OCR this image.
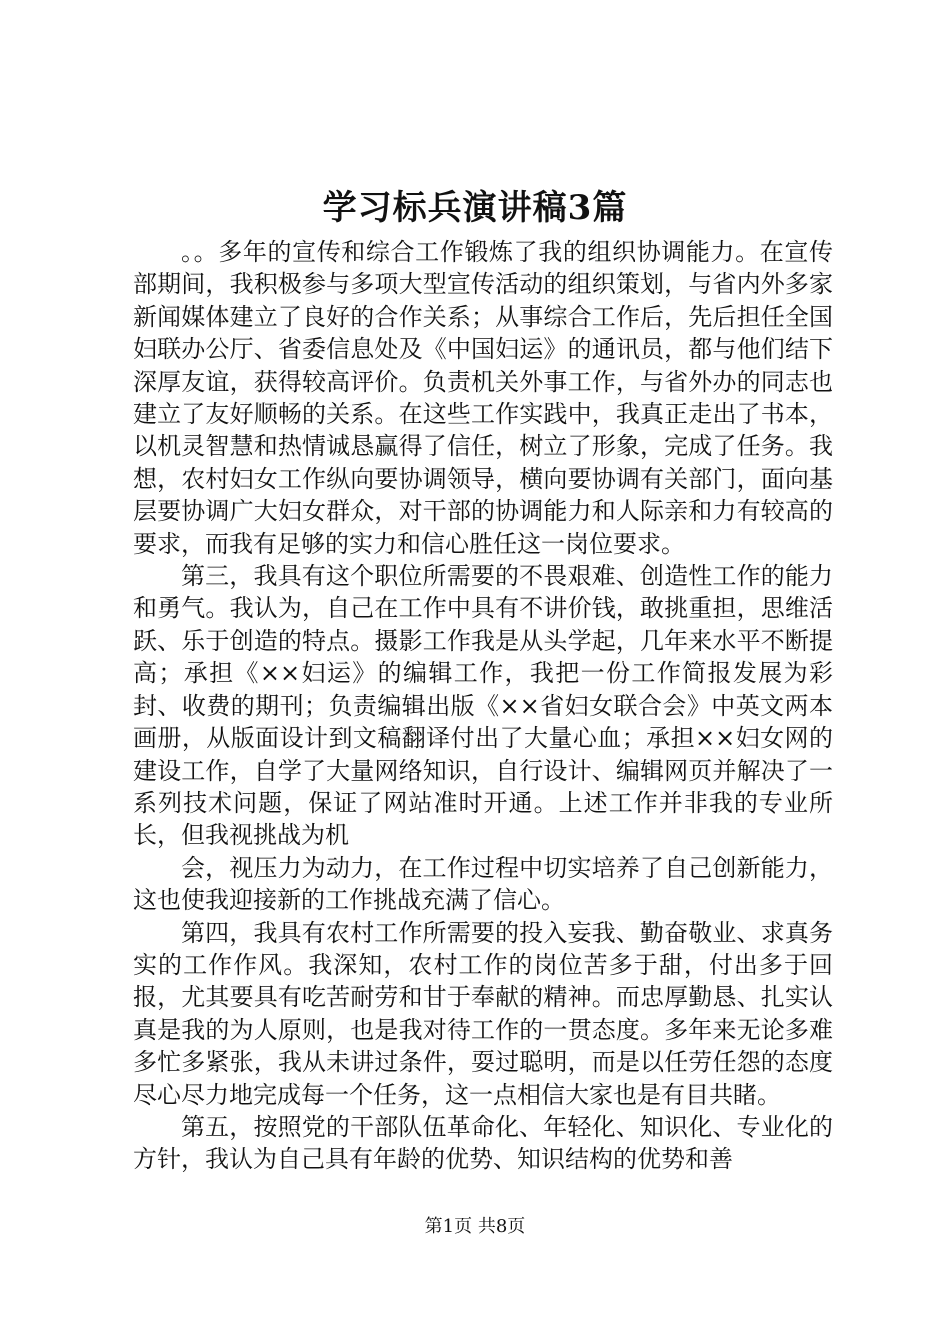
学习标兵演讲稿3篇

。。多年的宣传和综合工作锻炼了我的组织协调能力。在宣传部期间，我积极参与多项大型宣传活动的组织策划，与省内外多家新闻媒体建立了良好的合作关系；从事综合工作后，先后担任全国妇联办公厅、省委信息处及《中国妇运》的通讯员，都与他们结下深厚友谊，获得较高评价。负责机关外事工作，与省外办的同志也建立了友好顺畅的关系。在这些工作实践中，我真正走出了书本，以机灵智慧和热情诚恳赢得了信任，树立了形象，完成了任务。我想，农村妇女工作纵向要协调领导，横向要协调有关部门，面向基层要协调广大妇女群众，对干部的协调能力和人际亲和力有较高的要求，而我有足够的实力和信心胜任这一岗位要求。

第三，我具有这个职位所需要的不畏艰难、创造性工作的能力和勇气。我认为，自己在工作中具有不讲价钱，敢挑重担，思维活跃、乐于创造的特点。摄影工作我是从头学起，几年来水平不断提高；承担《××妇运》的编辑工作，我把一份工作简报发展为彩封、收费的期刊；负责编辑出版《××省妇女联合会》中英文两本画册，从版面设计到文稿翻译付出了大量心血；承担××妇女网的建设工作，自学了大量网络知识，自行设计、编辑网页并解决了一系列技术问题，保证了网站准时开通。上述工作并非我的专业所长，但我视挑战为机

会，视压力为动力，在工作过程中切实培养了自己创新能力，这也使我迎接新的工作挑战充满了信心。

第四，我具有农村工作所需要的投入妄我、勤奋敬业、求真务实的工作作风。我深知，农村工作的岗位苦多于甜，付出多于回报，尤其要具有吃苦耐劳和甘于奉献的精神。而忠厚勤恳、扎实认真是我的为人原则，也是我对待工作的一贯态度。多年来无论多难多忙多紧张，我从未讲过条件，耍过聪明，而是以任劳任怨的态度尽心尽力地完成每一个任务，这一点相信大家也是有目共睹。

第五，按照党的干部队伍革命化、年轻化、知识化、专业化的方针，我认为自己具有年龄的优势、知识结构的优势和善

第1页 共8页
